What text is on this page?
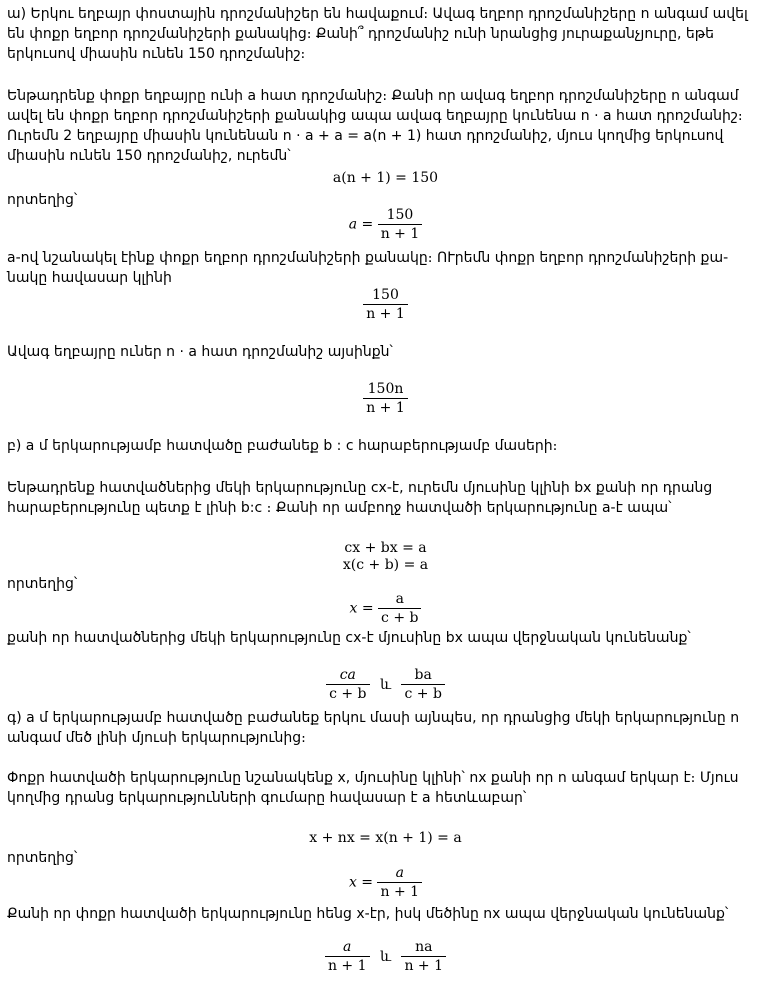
ա) Երկու եղբայր փոստային դրոշմանիշեր են հավաքում։ Ավագ եղբոր դրոշմանիշերը n անգամ ավել են փոքր եղբոր դրոշմանիշերի քանակից։ Քանի՞ դրոշմանիշ ունի նրանցից յուրաքանչյուրը, եթե երկուսով միասին ունեն 150 դրոշմանիշ։

Ենթադրենք փոքր եղբայրը ունի a հատ դրոշմանիշ։ Քանի որ ավագ եղբոր դրոշմանիշերը n անգամ ավել են փոքր եղբոր դրոշմանիշերի քանակից ապա ավագ եղբայրը կունենա n · a հատ դրոշմանիշ։ Ուրեմն 2 եղբայրը միասին կունենան n · a + a = a(n + 1) հատ դրոշմանիշ, մյուս կողմից երկուսով միասին ունեն 150 դրոշմանիշ, ուրեմն՝

a(n + 1) = 150

որտեղից՝

$a = \frac{150}{n + 1}$

a-ով նշանակել էինք փոքր եղբոր դրոշմանիշերի քանակը։ ՈՒրեմն փոքր եղբոր դրոշմանիշերի քա-նակը հավասար կլինի

$\frac{150}{n + 1}$

Ավագ եղբայրը ուներ n · a հատ դրոշմանիշ այսինքն՝

$\frac{150n}{n + 1}$

բ) a մ երկարությամբ հատվածը բաժանեք b : c հարաբերությամբ մասերի։

Ենթադրենք հատվածներից մեկի երկարությունը cx-է, ուրեմն մյուսինը կլինի bx քանի որ դրանց հարաբերությունը պետք է լինի b:c ։ Քանի որ ամբողջ հատվածի երկարությունը a-է ապա՝

cx + bx = a
x(c + b) = a

որտեղից՝

$x = \frac{a}{c + b}$

քանի որ հատվածներից մեկի երկարությունը cx-է մյուսինը bx ապա վերջնական կունենանք՝

$\frac{ca}{c + b}$ և $\frac{ba}{c + b}$

գ) a մ երկարությամբ հատվածը բաժանեք երկու մասի այնպես, որ դրանցից մեկի երկարությունը n անգամ մեծ լինի մյուսի երկարությունից։

Փոքր հատվածի երկարությունը նշանակենք x, մյուսինը կլինի՝ nx քանի որ n անգամ երկար է։ Մյուս կողմից դրանց երկարությունների գումարը հավասար է a հետևաբար՝

x + nx = x(n + 1) = a

որտեղից՝

$x = \frac{a}{n + 1}$

Քանի որ փոքր հատվածի երկարությունը հենց x-էր, իսկ մեծինը nx ապա վերջնական կունենանք՝

$\frac{a}{n + 1}$ և $\frac{na}{n + 1}$
